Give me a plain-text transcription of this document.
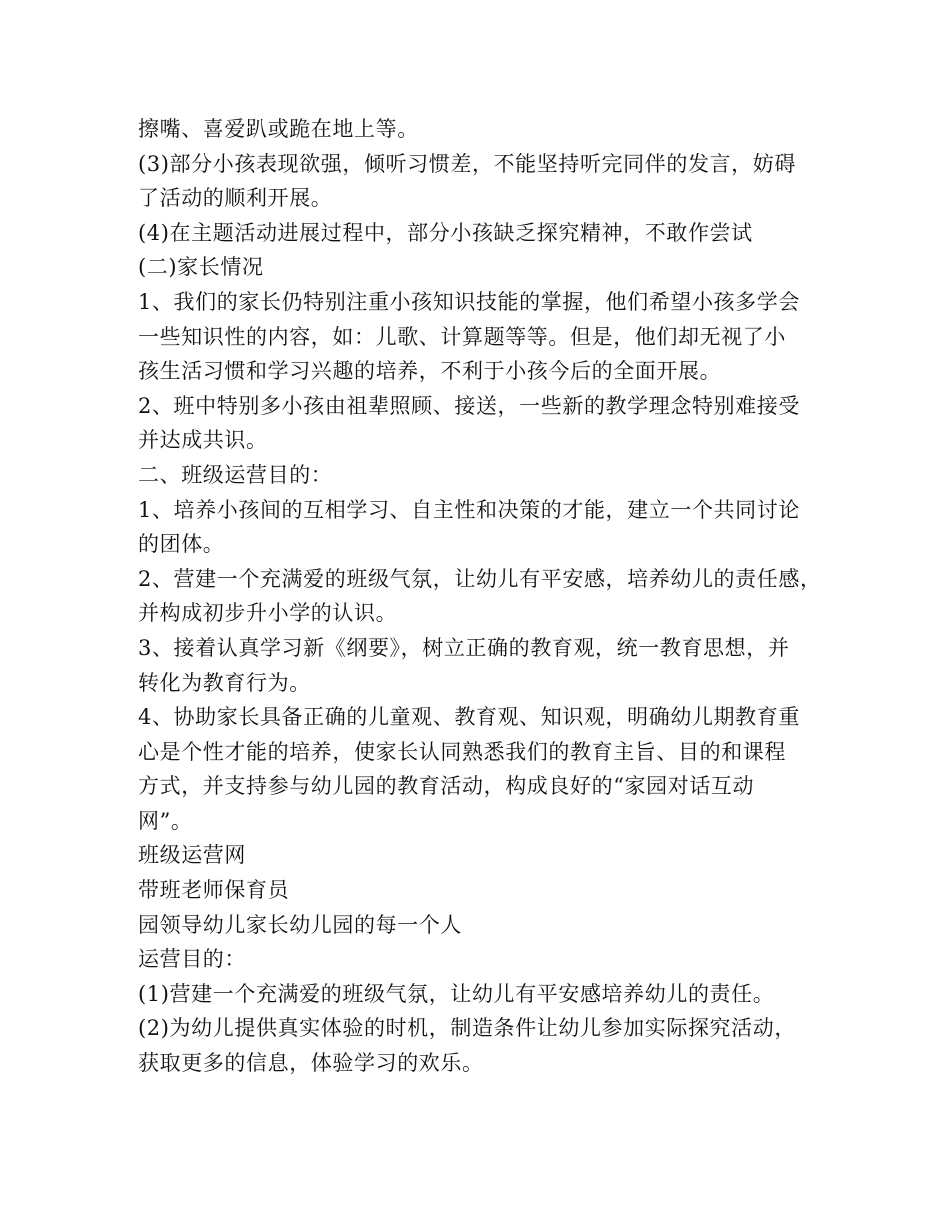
擦嘴、喜爱趴或跪在地上等。
(3)部分小孩表现欲强，倾听习惯差，不能坚持听完同伴的发言，妨碍
了活动的顺利开展。
(4)在主题活动进展过程中，部分小孩缺乏探究精神，不敢作尝试
(二)家长情况
1、我们的家长仍特别注重小孩知识技能的掌握，他们希望小孩多学会
一些知识性的内容，如：儿歌、计算题等等。但是，他们却无视了小
孩生活习惯和学习兴趣的培养，不利于小孩今后的全面开展。
2、班中特别多小孩由祖辈照顾、接送，一些新的教学理念特别难接受
并达成共识。
二、班级运营目的：
1、培养小孩间的互相学习、自主性和决策的才能，建立一个共同讨论
的团体。
2、营建一个充满爱的班级气氛，让幼儿有平安感，培养幼儿的责任感，
并构成初步升小学的认识。
3、接着认真学习新《纲要》，树立正确的教育观，统一教育思想，并
转化为教育行为。
4、协助家长具备正确的儿童观、教育观、知识观，明确幼儿期教育重
心是个性才能的培养，使家长认同熟悉我们的教育主旨、目的和课程
方式，并支持参与幼儿园的教育活动，构成良好的“家园对话互动
网”。
班级运营网
带班老师保育员
园领导幼儿家长幼儿园的每一个人
运营目的：
(1)营建一个充满爱的班级气氛，让幼儿有平安感培养幼儿的责任。
(2)为幼儿提供真实体验的时机，制造条件让幼儿参加实际探究活动，
获取更多的信息，体验学习的欢乐。
